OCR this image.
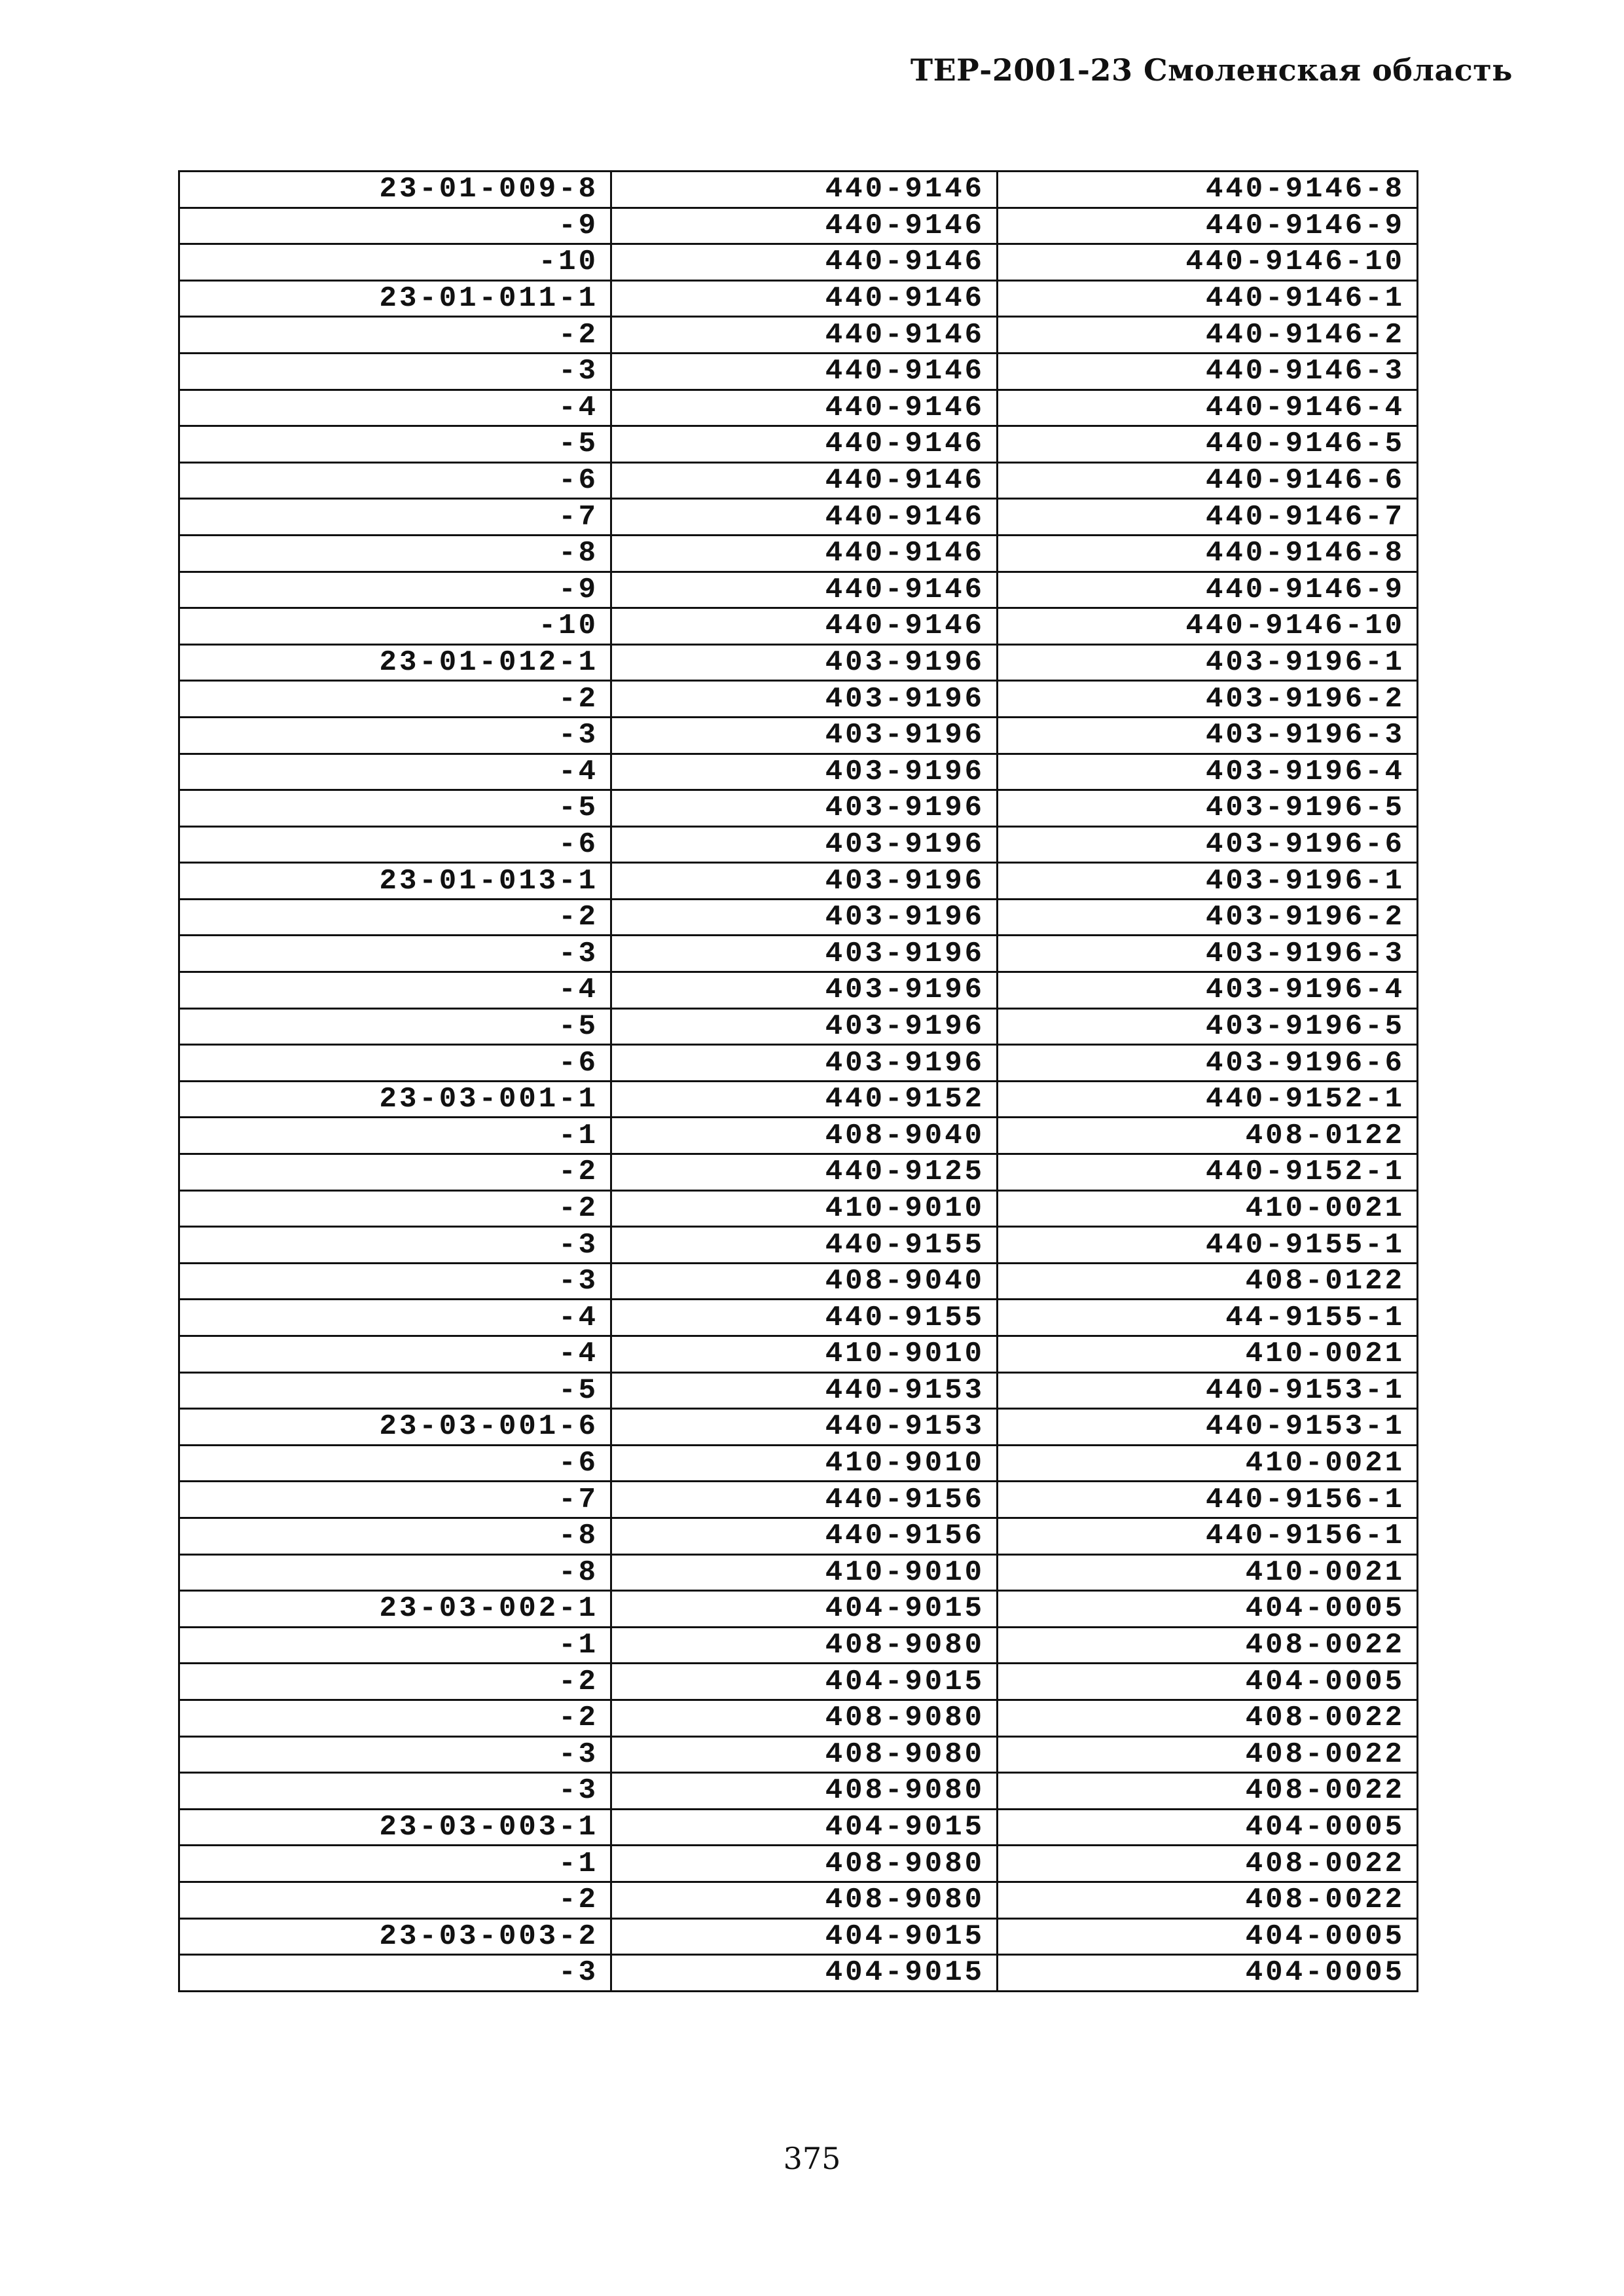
ТЕР-2001-23 Смоленская область
23-01-009-8	440-9146	440-9146-8
-9	440-9146	440-9146-9
-10	440-9146	440-9146-10
23-01-011-1	440-9146	440-9146-1
-2	440-9146	440-9146-2
-3	440-9146	440-9146-3
-4	440-9146	440-9146-4
-5	440-9146	440-9146-5
-6	440-9146	440-9146-6
-7	440-9146	440-9146-7
-8	440-9146	440-9146-8
-9	440-9146	440-9146-9
-10	440-9146	440-9146-10
23-01-012-1	403-9196	403-9196-1
-2	403-9196	403-9196-2
-3	403-9196	403-9196-3
-4	403-9196	403-9196-4
-5	403-9196	403-9196-5
-6	403-9196	403-9196-6
23-01-013-1	403-9196	403-9196-1
-2	403-9196	403-9196-2
-3	403-9196	403-9196-3
-4	403-9196	403-9196-4
-5	403-9196	403-9196-5
-6	403-9196	403-9196-6
23-03-001-1	440-9152	440-9152-1
-1	408-9040	408-0122
-2	440-9125	440-9152-1
-2	410-9010	410-0021
-3	440-9155	440-9155-1
-3	408-9040	408-0122
-4	440-9155	44-9155-1
-4	410-9010	410-0021
-5	440-9153	440-9153-1
23-03-001-6	440-9153	440-9153-1
-6	410-9010	410-0021
-7	440-9156	440-9156-1
-8	440-9156	440-9156-1
-8	410-9010	410-0021
23-03-002-1	404-9015	404-0005
-1	408-9080	408-0022
-2	404-9015	404-0005
-2	408-9080	408-0022
-3	408-9080	408-0022
-3	408-9080	408-0022
23-03-003-1	404-9015	404-0005
-1	408-9080	408-0022
-2	408-9080	408-0022
23-03-003-2	404-9015	404-0005
-3	404-9015	404-0005
375
